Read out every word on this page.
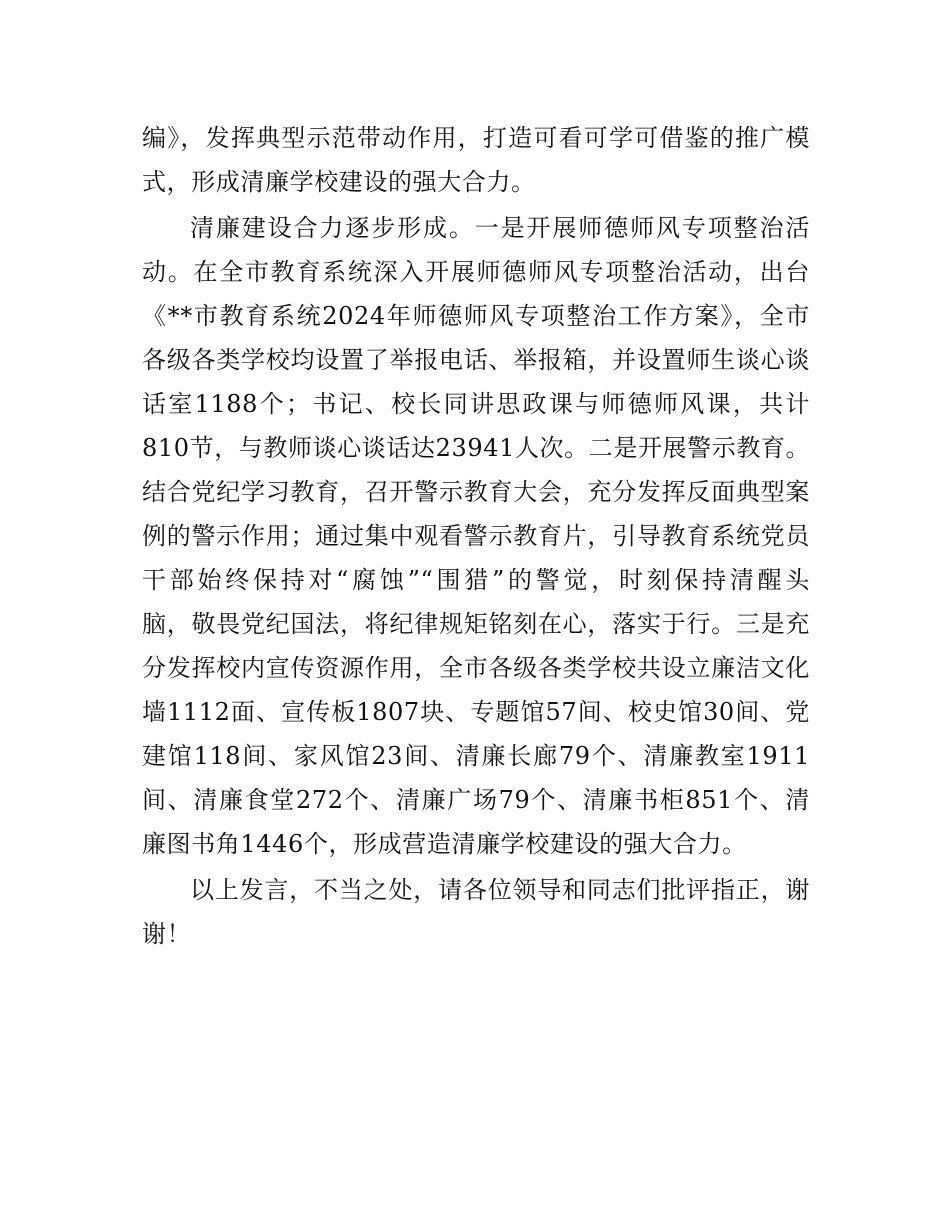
编》，发挥典型示范带动作用，打造可看可学可借鉴的推广模
式，形成清廉学校建设的强大合力。
清廉建设合力逐步形成。一是开展师德师风专项整治活
动。在全市教育系统深入开展师德师风专项整治活动，出台
《**市教育系统2024年师德师风专项整治工作方案》，全市
各级各类学校均设置了举报电话、举报箱，并设置师生谈心谈
话室1188个；书记、校长同讲思政课与师德师风课，共计
810节，与教师谈心谈话达23941人次。二是开展警示教育。
结合党纪学习教育，召开警示教育大会，充分发挥反面典型案
例的警示作用；通过集中观看警示教育片，引导教育系统党员
干部始终保持对“腐蚀”“围猎”的警觉，时刻保持清醒头
脑，敬畏党纪国法，将纪律规矩铭刻在心，落实于行。三是充
分发挥校内宣传资源作用，全市各级各类学校共设立廉洁文化
墙1112面、宣传板1807块、专题馆57间、校史馆30间、党
建馆118间、家风馆23间、清廉长廊79个、清廉教室1911
间、清廉食堂272个、清廉广场79个、清廉书柜851个、清
廉图书角1446个，形成营造清廉学校建设的强大合力。
以上发言，不当之处，请各位领导和同志们批评指正，谢
谢！
